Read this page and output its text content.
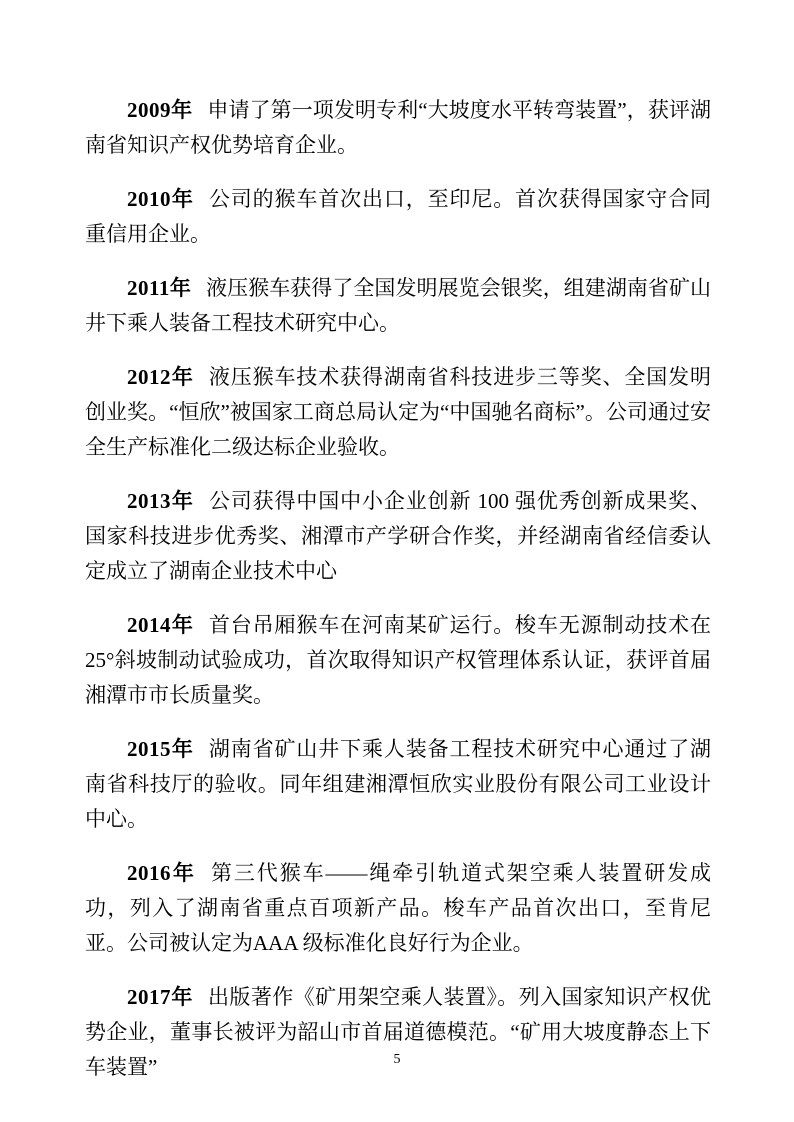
2009年 申请了第一项发明专利“大坡度水平转弯装置”，获评湖南省知识产权优势培育企业。

2010年 公司的猴车首次出口，至印尼。首次获得国家守合同重信用企业。

2011年 液压猴车获得了全国发明展览会银奖，组建湖南省矿山井下乘人装备工程技术研究中心。

2012年 液压猴车技术获得湖南省科技进步三等奖、全国发明创业奖。“恒欣”被国家工商总局认定为“中国驰名商标”。公司通过安全生产标准化二级达标企业验收。

2013年 公司获得中国中小企业创新 100 强优秀创新成果奖、国家科技进步优秀奖、湘潭市产学研合作奖，并经湖南省经信委认定成立了湖南企业技术中心

2014年 首台吊厢猴车在河南某矿运行。梭车无源制动技术在25°斜坡制动试验成功，首次取得知识产权管理体系认证，获评首届湘潭市市长质量奖。

2015年 湖南省矿山井下乘人装备工程技术研究中心通过了湖南省科技厅的验收。同年组建湘潭恒欣实业股份有限公司工业设计中心。

2016年 第三代猴车——绳牵引轨道式架空乘人装置研发成功，列入了湖南省重点百项新产品。梭车产品首次出口，至肯尼亚。公司被认定为AAA 级标准化良好行为企业。

2017年 出版著作《矿用架空乘人装置》。列入国家知识产权优势企业，董事长被评为韶山市首届道德模范。“矿用大坡度静态上下车装置”	5
